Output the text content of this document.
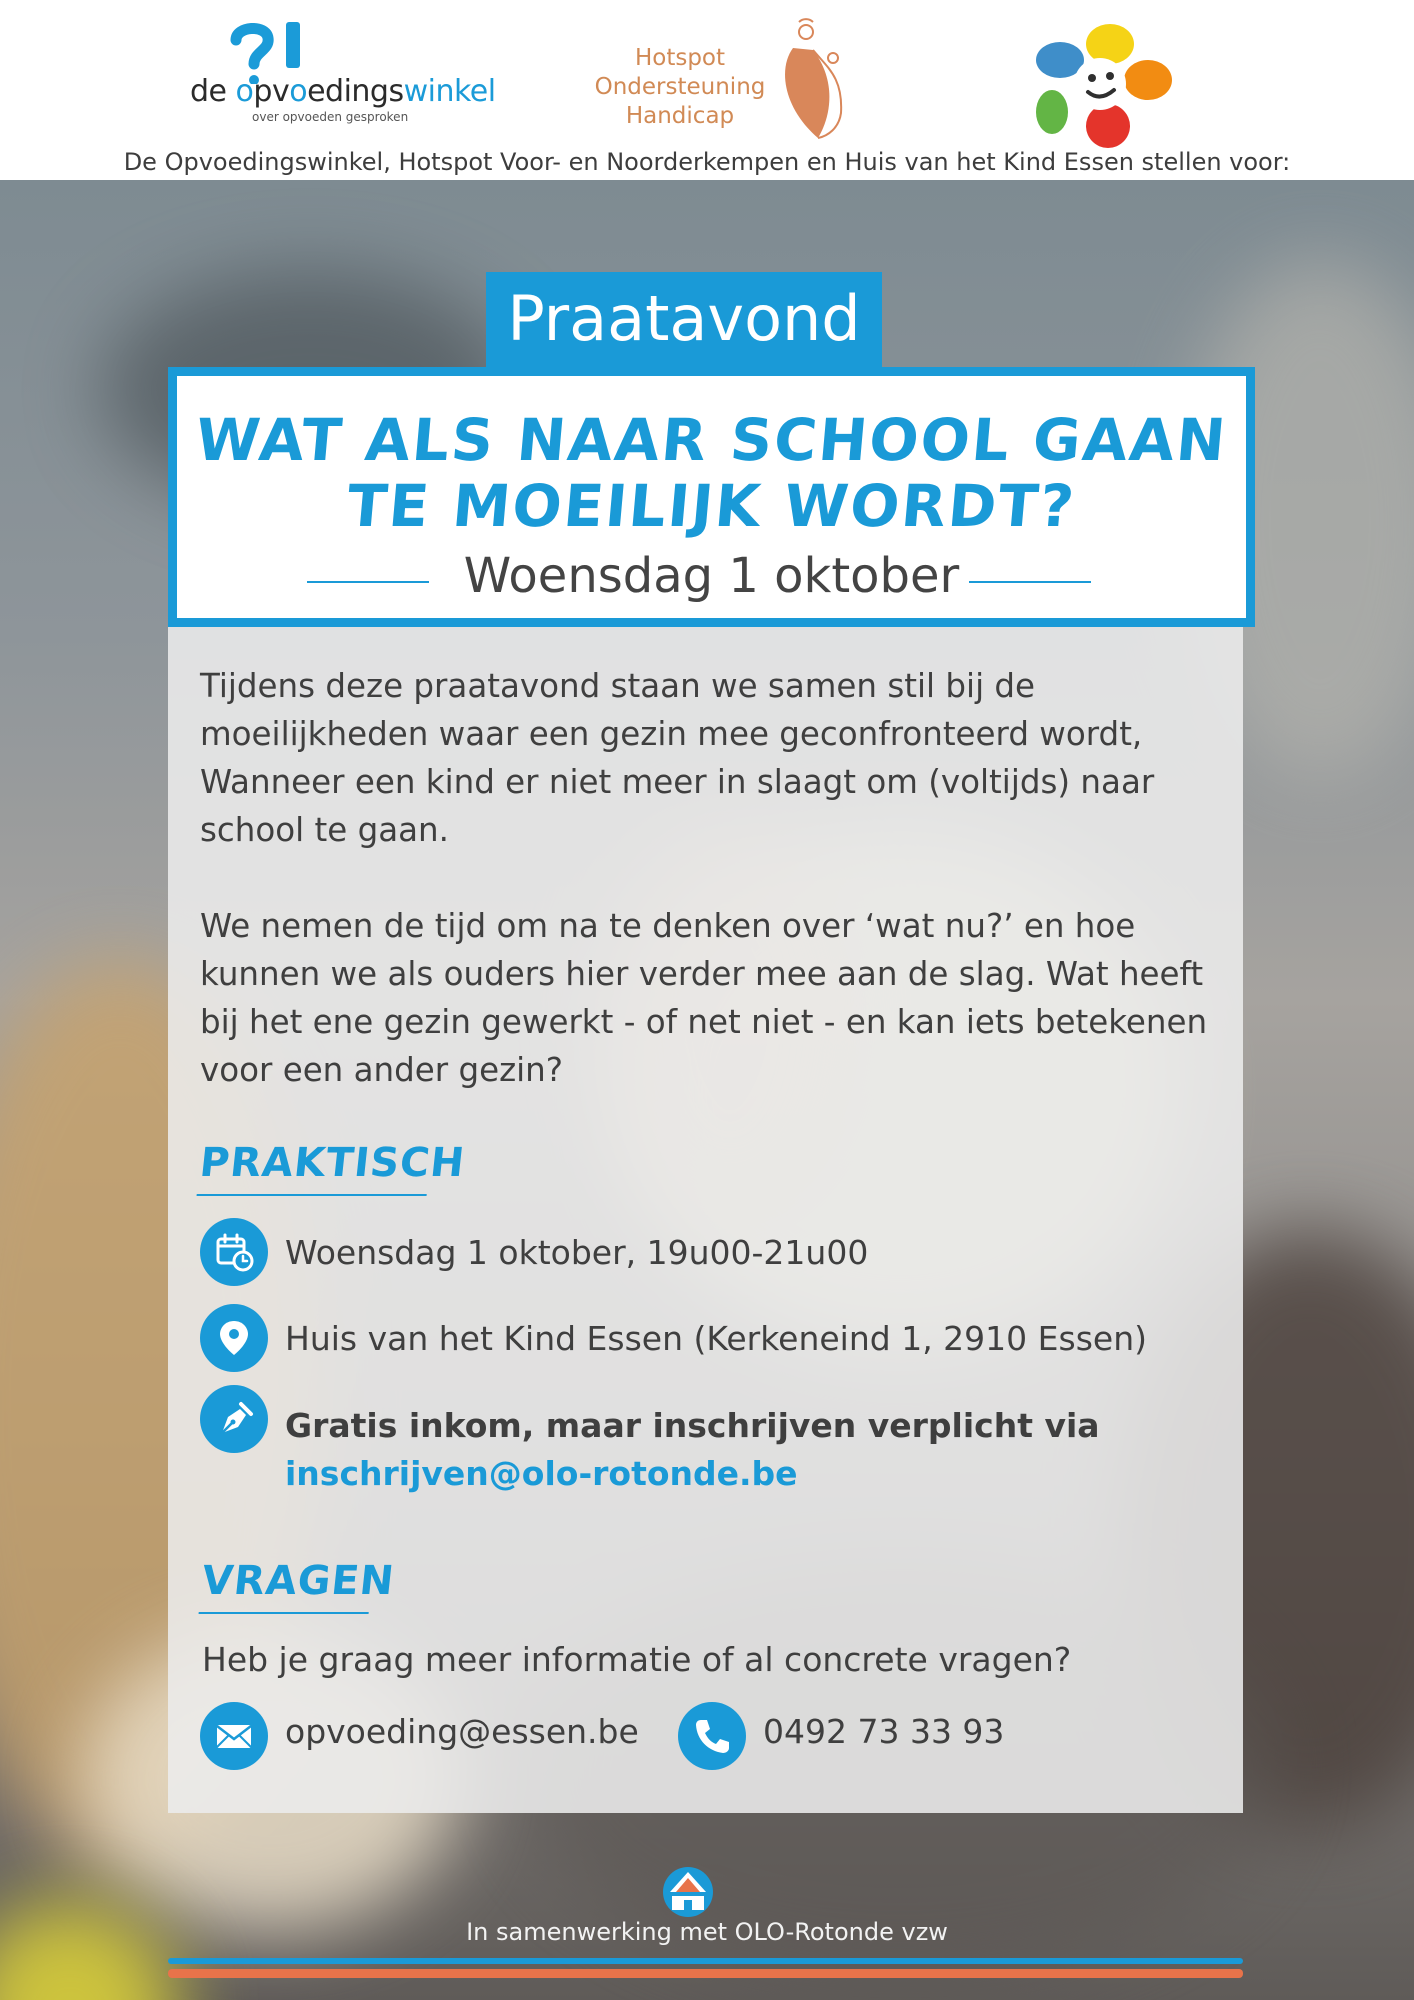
de opvoedingswinkel
over opvoeden gesproken
Hotspot
Ondersteuning
Handicap
De Opvoedingswinkel, Hotspot Voor- en Noorderkempen en Huis van het Kind Essen stellen voor:
Praatavond
WAT ALS NAAR SCHOOL GAAN
TE MOEILIJK WORDT?
Woensdag 1 oktober

Tijdens deze praatavond staan we samen stil bij de moeilijkheden waar een gezin mee geconfronteerd wordt, Wanneer een kind er niet meer in slaagt om (voltijds) naar school te gaan.

We nemen de tijd om na te denken over ‘wat nu?’ en hoe kunnen we als ouders hier verder mee aan de slag. Wat heeft bij het ene gezin gewerkt - of net niet - en kan iets betekenen voor een ander gezin?

PRAKTISCH
Woensdag 1 oktober, 19u00-21u00
Huis van het Kind Essen (Kerkeneind 1, 2910 Essen)
Gratis inkom, maar inschrijven verplicht via
inschrijven@olo-rotonde.be
VRAGEN
Heb je graag meer informatie of al concrete vragen?
opvoeding@essen.be	0492 73 33 93
In samenwerking met OLO-Rotonde vzw
